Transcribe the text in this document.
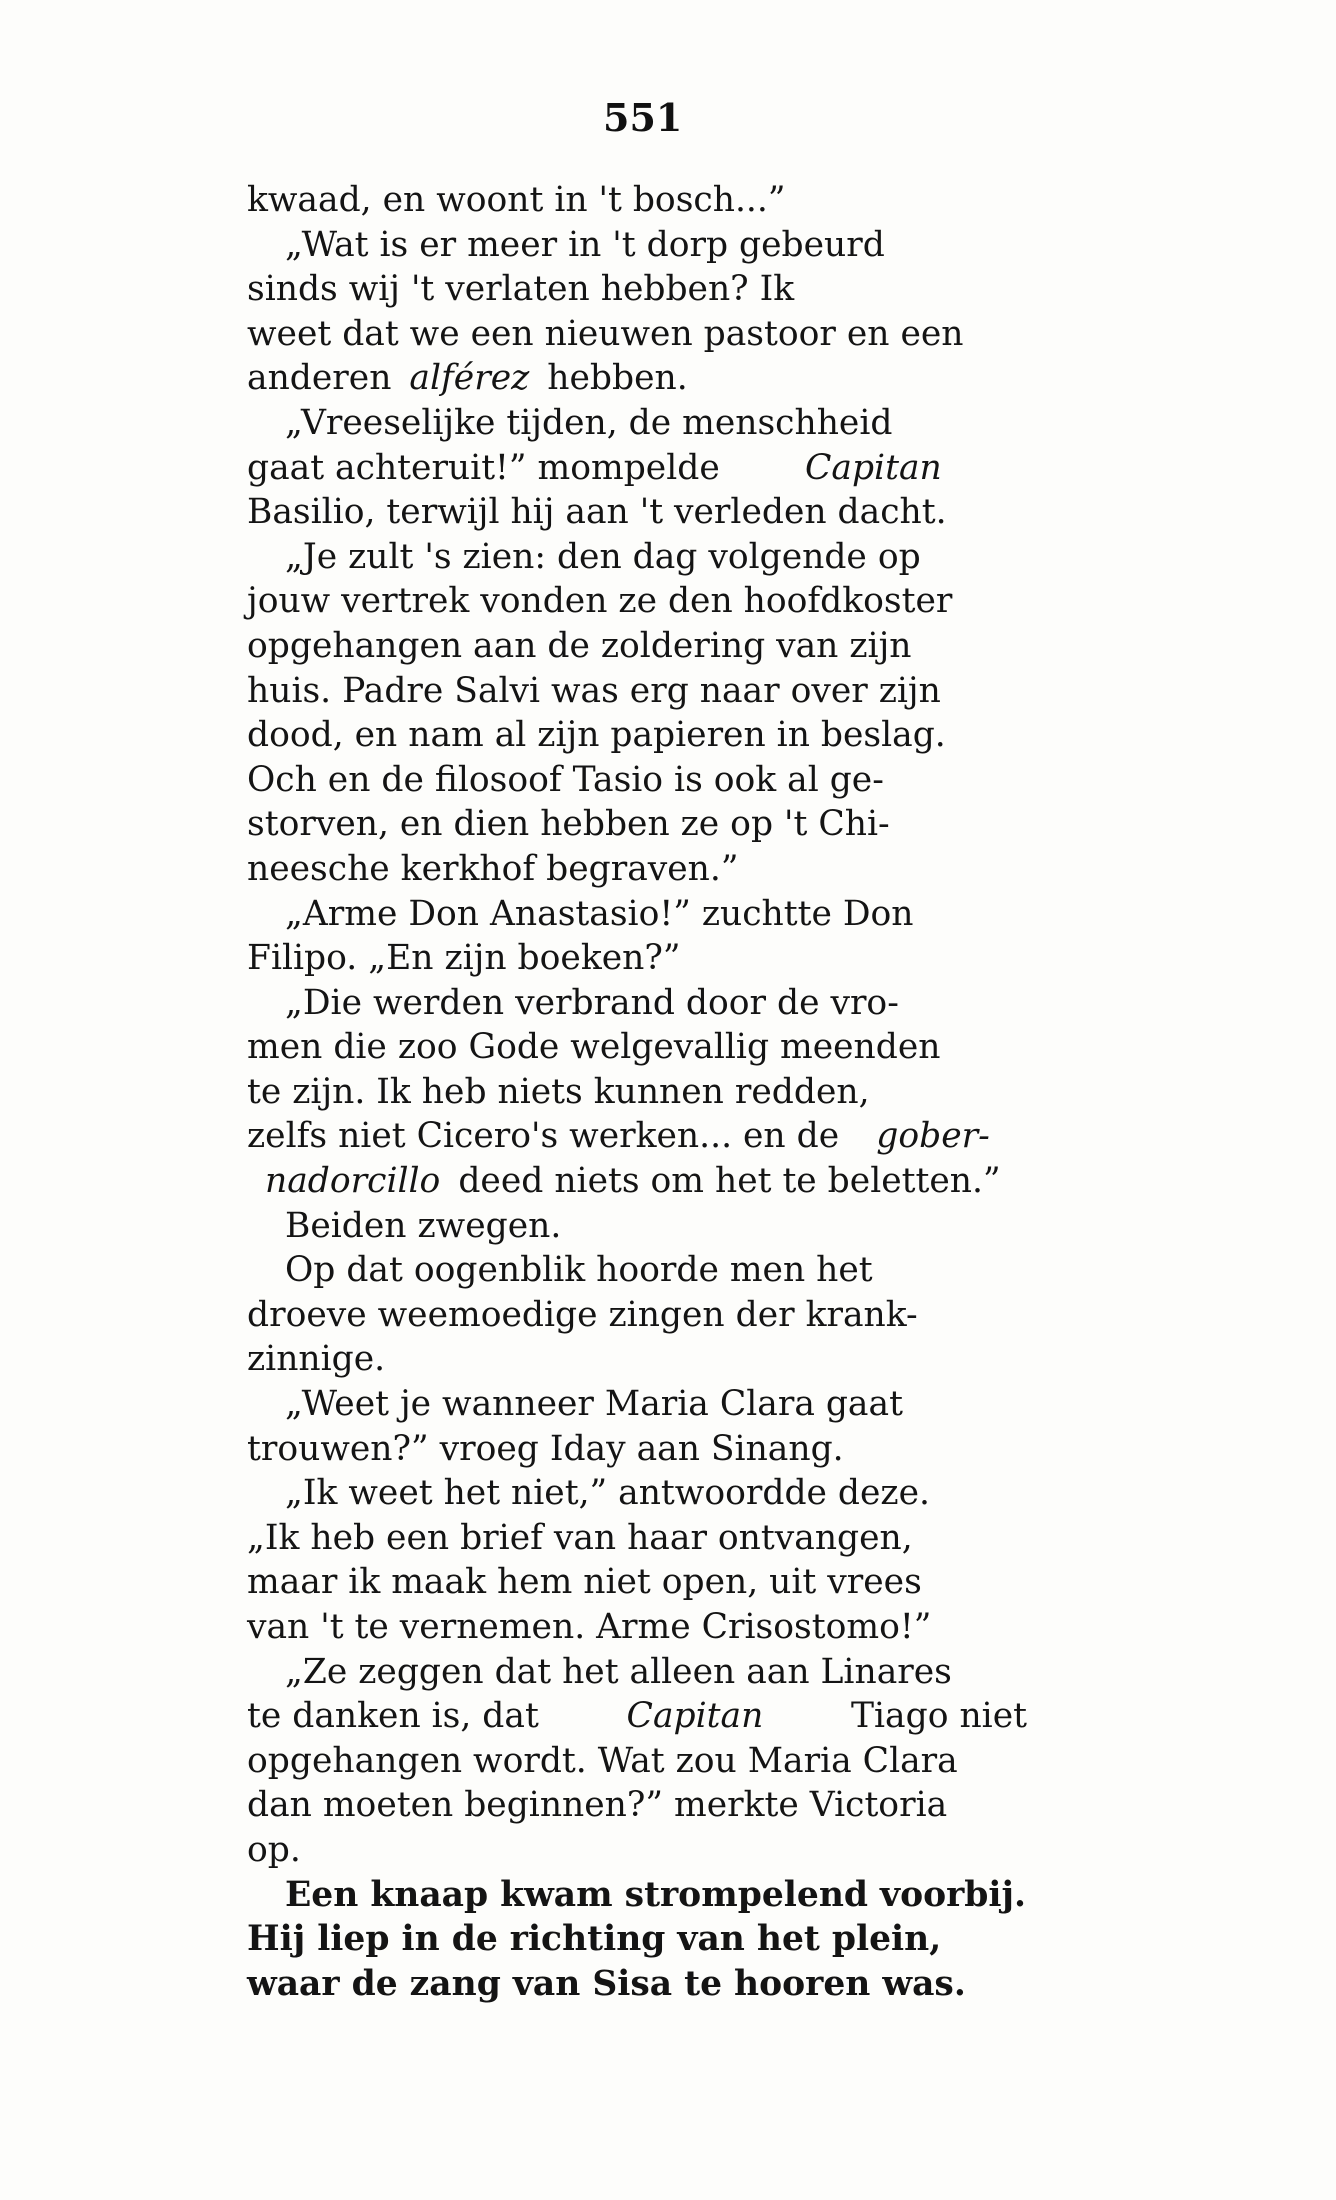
551
kwaad, en woont in 't bosch...”
„Wat is er meer in 't dorp gebeurd
sinds wij 't verlaten hebben? Ik
weet dat we een nieuwen pastoor en een
anderen alférez hebben.
„Vreeselijke tijden, de menschheid
gaat achteruit!” mompelde Capitan
Basilio, terwijl hij aan 't verleden dacht.
„Je zult 's zien: den dag volgende op
jouw vertrek vonden ze den hoofdkoster
opgehangen aan de zoldering van zijn
huis. Padre Salvi was erg naar over zijn
dood, en nam al zijn papieren in beslag.
Och en de filosoof Tasio is ook al ge-
storven, en dien hebben ze op 't Chi-
neesche kerkhof begraven.”
„Arme Don Anastasio!” zuchtte Don
Filipo. „En zijn boeken?”
„Die werden verbrand door de vro-
men die zoo Gode welgevallig meenden
te zijn. Ik heb niets kunnen redden,
zelfs niet Cicero's werken... en de gober-
nadorcillo deed niets om het te beletten.”
Beiden zwegen.
Op dat oogenblik hoorde men het
droeve weemoedige zingen der krank-
zinnige.
„Weet je wanneer Maria Clara gaat
trouwen?” vroeg Iday aan Sinang.
„Ik weet het niet,” antwoordde deze.
„Ik heb een brief van haar ontvangen,
maar ik maak hem niet open, uit vrees
van 't te vernemen. Arme Crisostomo!”
„Ze zeggen dat het alleen aan Linares
te danken is, dat	Capitan	Tiago niet
opgehangen wordt. Wat zou Maria Clara
dan moeten beginnen?” merkte Victoria
op.
Een knaap kwam strompelend voorbij.
Hij liep in de richting van het plein,
waar de zang van Sisa te hooren was.
